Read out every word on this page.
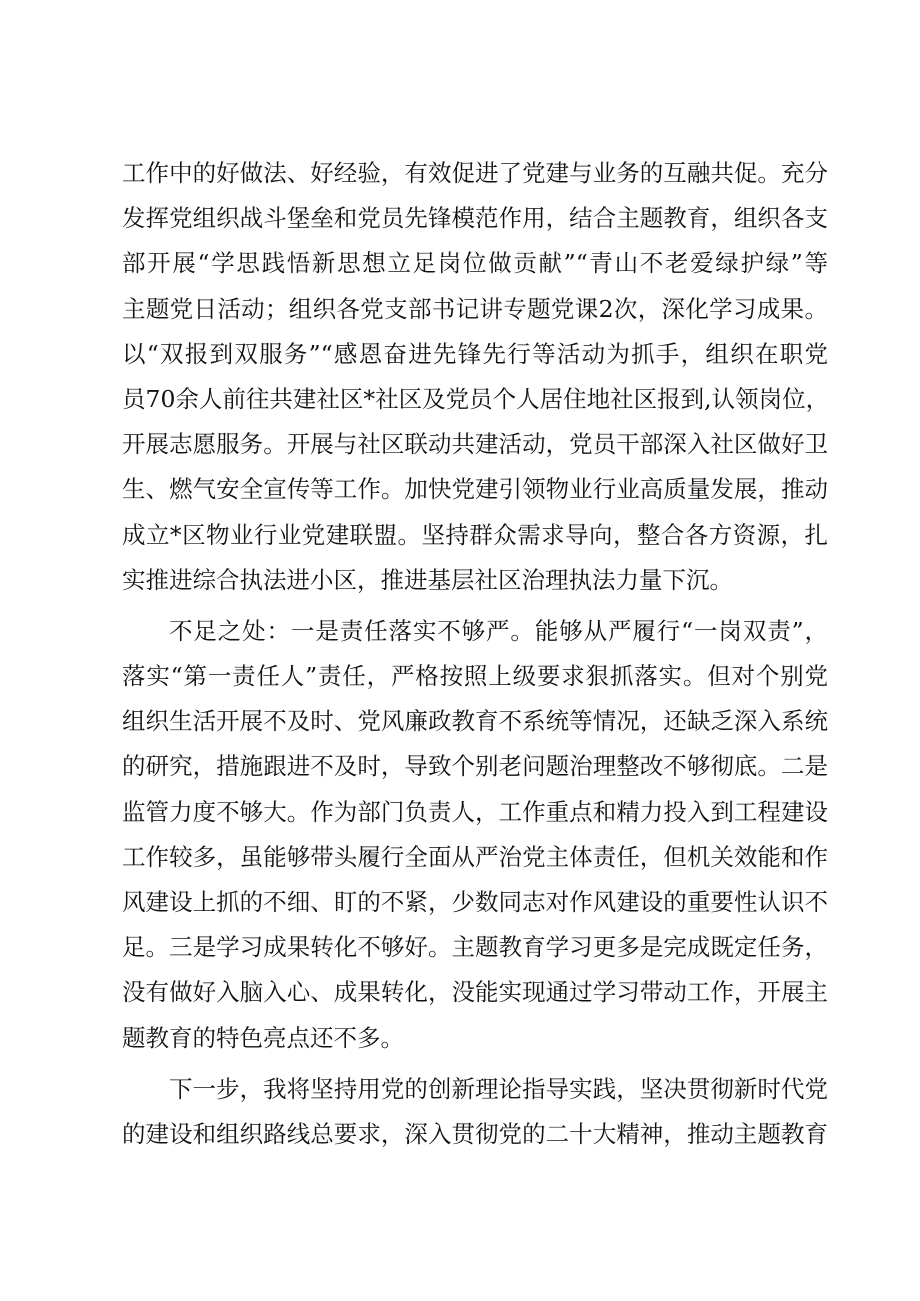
工作中的好做法、好经验，有效促进了党建与业务的互融共促。充分
发挥党组织战斗堡垒和党员先锋模范作用，结合主题教育，组织各支
部开展“学思践悟新思想立足岗位做贡献”“青山不老爱绿护绿”等
主题党日活动；组织各党支部书记讲专题党课2次，深化学习成果。
以“双报到双服务”“感恩奋进先锋先行等活动为抓手，组织在职党
员70余人前往共建社区*社区及党员个人居住地社区报到,认领岗位，
开展志愿服务。开展与社区联动共建活动，党员干部深入社区做好卫
生、燃气安全宣传等工作。加快党建引领物业行业高质量发展，推动
成立*区物业行业党建联盟。坚持群众需求导向，整合各方资源，扎
实推进综合执法进小区，推进基层社区治理执法力量下沉。
不足之处：一是责任落实不够严。能够从严履行“一岗双责”，
落实“第一责任人”责任，严格按照上级要求狠抓落实。但对个别党
组织生活开展不及时、党风廉政教育不系统等情况，还缺乏深入系统
的研究，措施跟进不及时，导致个别老问题治理整改不够彻底。二是
监管力度不够大。作为部门负责人，工作重点和精力投入到工程建设
工作较多，虽能够带头履行全面从严治党主体责任，但机关效能和作
风建设上抓的不细、盯的不紧，少数同志对作风建设的重要性认识不
足。三是学习成果转化不够好。主题教育学习更多是完成既定任务，
没有做好入脑入心、成果转化，没能实现通过学习带动工作，开展主
题教育的特色亮点还不多。
下一步，我将坚持用党的创新理论指导实践，坚决贯彻新时代党
的建设和组织路线总要求，深入贯彻党的二十大精神，推动主题教育
